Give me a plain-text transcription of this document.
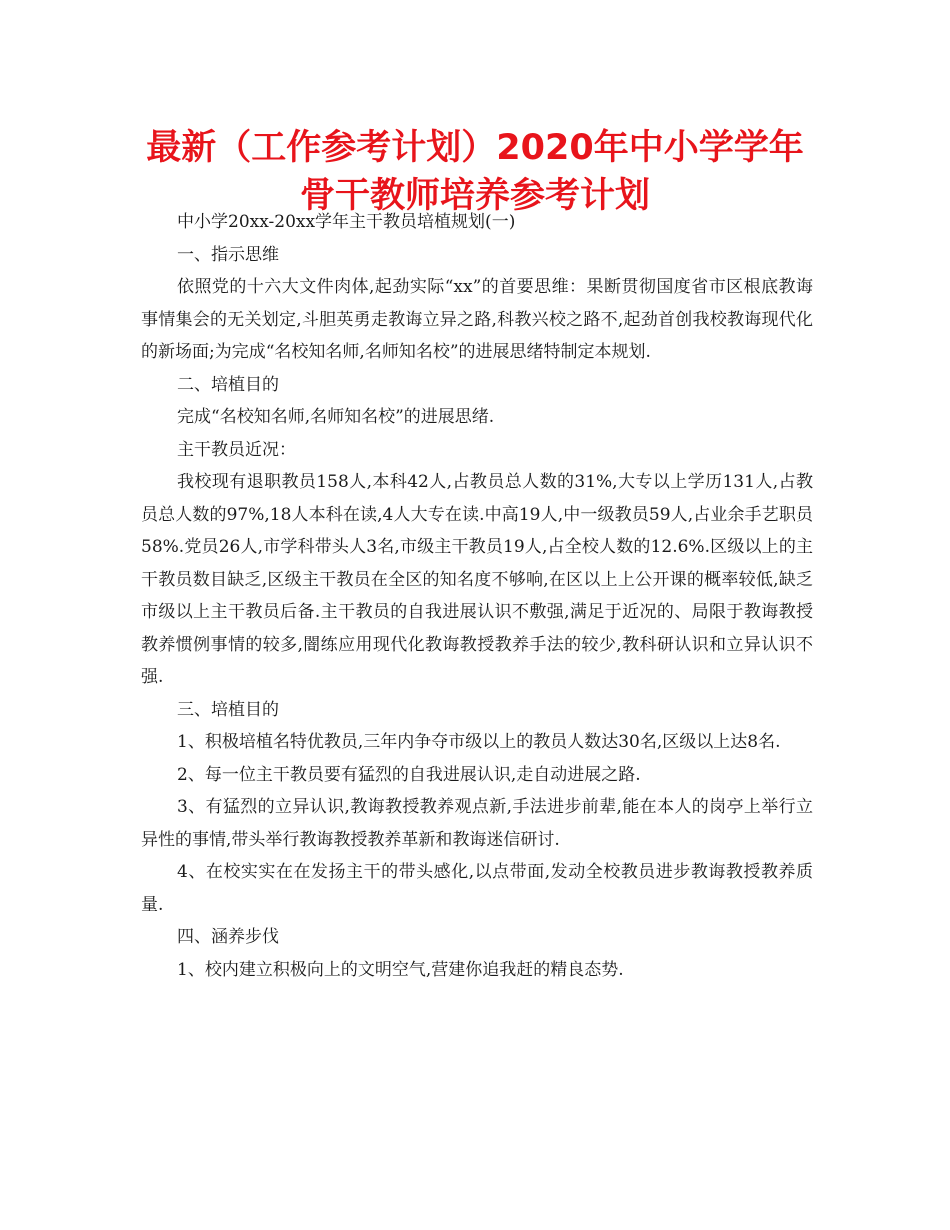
最新（工作参考计划）2020年中小学学年
骨干教师培养参考计划

中小学20xx-20xx学年主干教员培植规划(一)

一、指示思维

依照党的十六大文件肉体,起劲实际“xx”的首要思维：果断贯彻国度省市区根底教诲事情集会的无关划定,斗胆英勇走教诲立异之路,科教兴校之路不,起劲首创我校教诲现代化的新场面;为完成“名校知名师,名师知名校”的进展思绪特制定本规划.

二、培植目的

完成“名校知名师,名师知名校”的进展思绪.

主干教员近况：

我校现有退职教员158人,本科42人,占教员总人数的31%,大专以上学历131人,占教员总人数的97%,18人本科在读,4人大专在读.中高19人,中一级教员59人,占业余手艺职员58%.党员26人,市学科带头人3名,市级主干教员19人,占全校人数的12.6%.区级以上的主干教员数目缺乏,区级主干教员在全区的知名度不够响,在区以上上公开课的概率较低,缺乏市级以上主干教员后备.主干教员的自我进展认识不敷强,满足于近况的、局限于教诲教授教养惯例事情的较多,闇练应用现代化教诲教授教养手法的较少,教科研认识和立异认识不强.

三、培植目的

1、积极培植名特优教员,三年内争夺市级以上的教员人数达30名,区级以上达8名.

2、每一位主干教员要有猛烈的自我进展认识,走自动进展之路.

3、有猛烈的立异认识,教诲教授教养观点新,手法进步前辈,能在本人的岗亭上举行立异性的事情,带头举行教诲教授教养革新和教诲迷信研讨.

4、在校实实在在发扬主干的带头感化,以点带面,发动全校教员进步教诲教授教养质量.

四、涵养步伐

1、校内建立积极向上的文明空气,营建你追我赶的精良态势.
